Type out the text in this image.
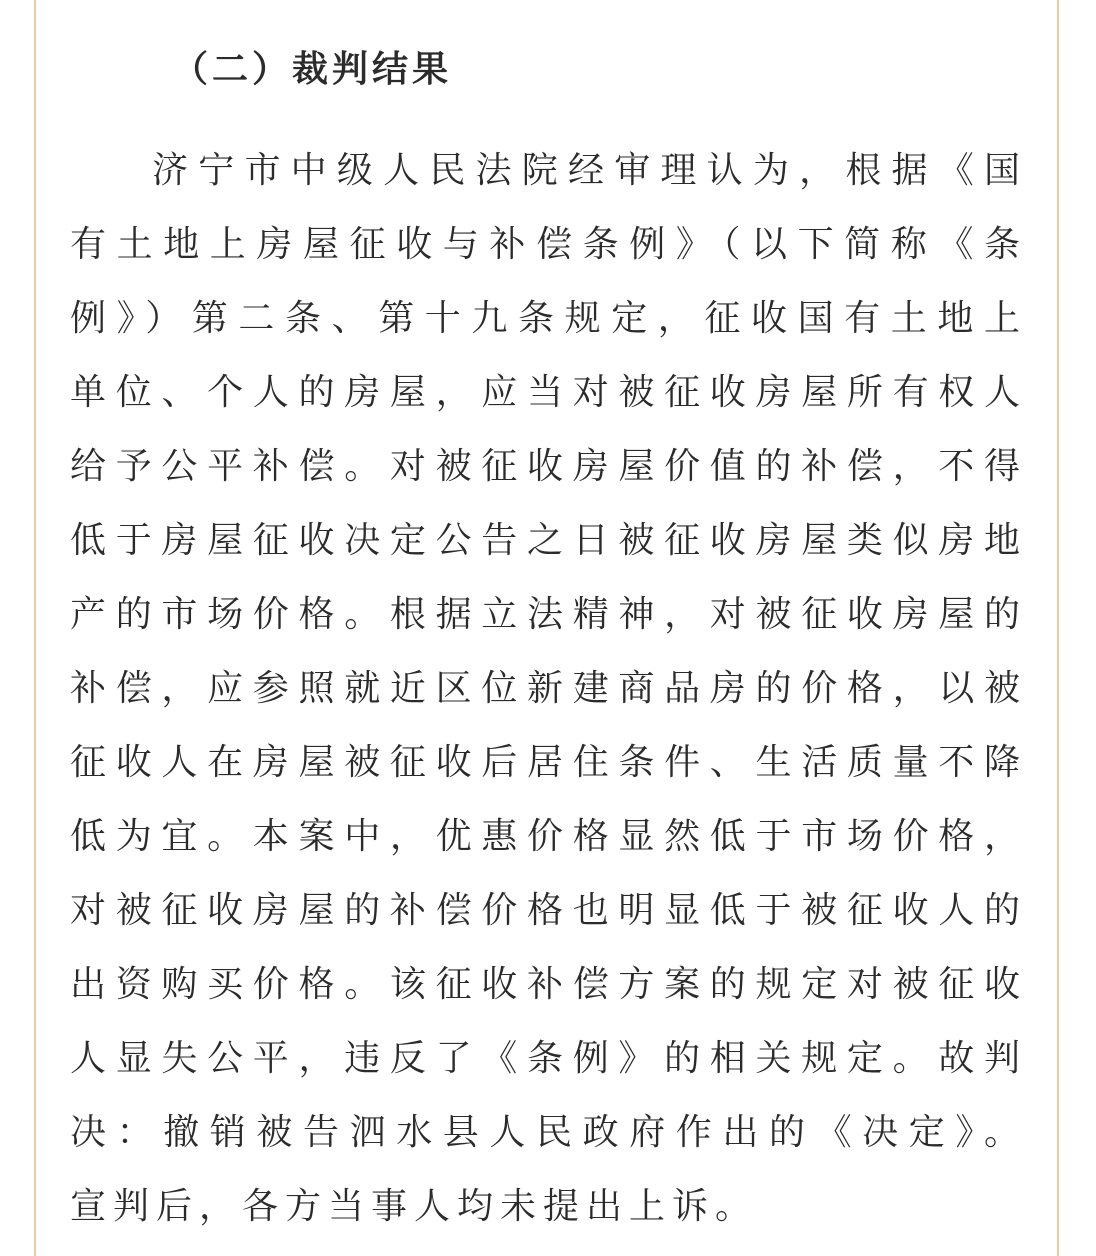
（二）裁判结果
济宁市中级人民法院经审理认为，根据《国
有土地上房屋征收与补偿条例》（以下简称《条
例》）第二条、第十九条规定，征收国有土地上
单位、个人的房屋，应当对被征收房屋所有权人
给予公平补偿。对被征收房屋价值的补偿，不得
低于房屋征收决定公告之日被征收房屋类似房地
产的市场价格。根据立法精神，对被征收房屋的
补偿，应参照就近区位新建商品房的价格，以被
征收人在房屋被征收后居住条件、生活质量不降
低为宜。本案中，优惠价格显然低于市场价格，
对被征收房屋的补偿价格也明显低于被征收人的
出资购买价格。该征收补偿方案的规定对被征收
人显失公平，违反了《条例》的相关规定。故判
决：撤销被告泗水县人民政府作出的《决定》。
宣判后，各方当事人均未提出上诉。
